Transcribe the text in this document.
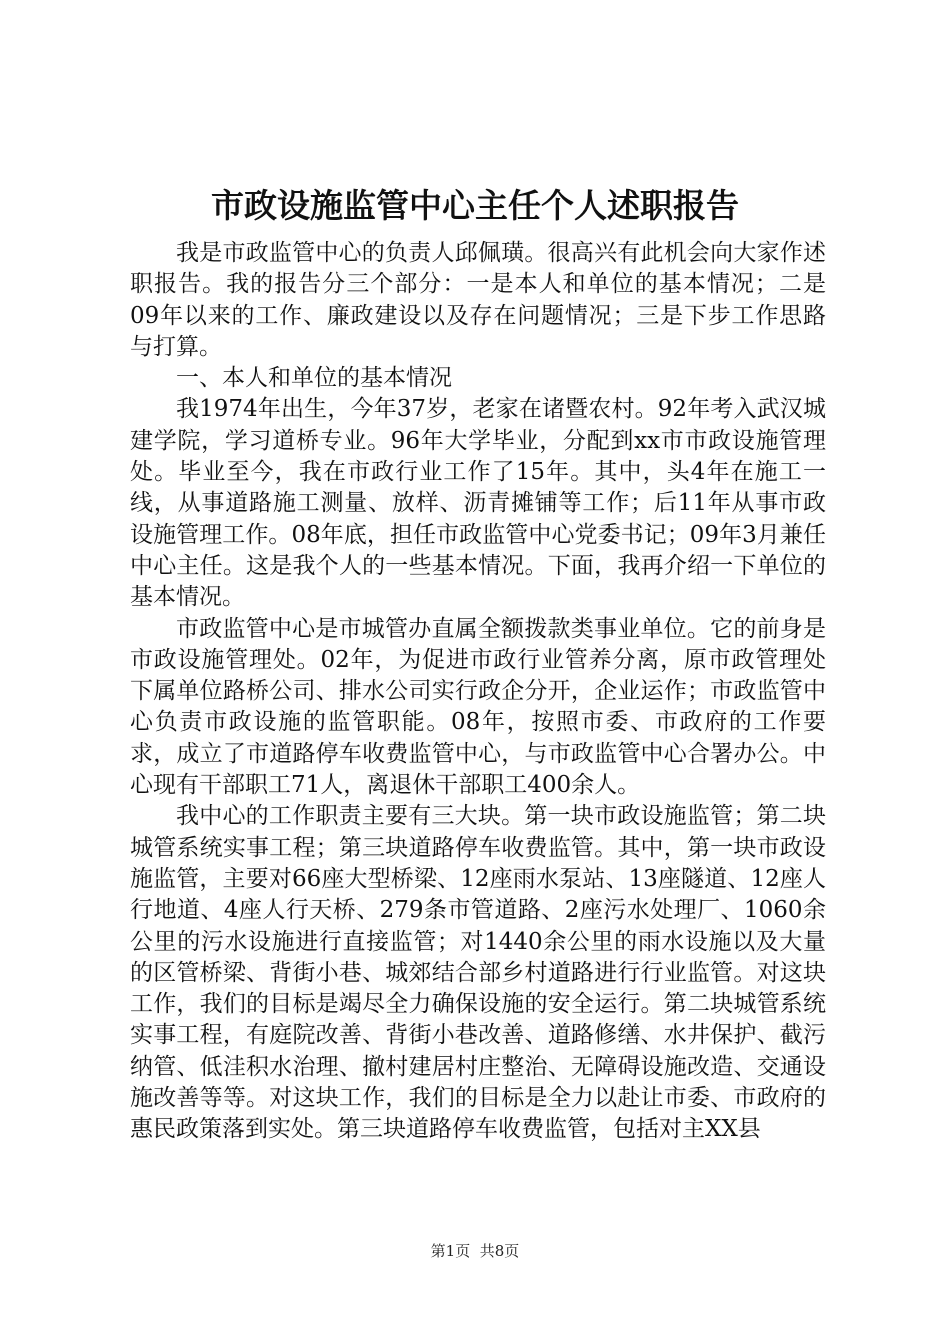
市政设施监管中心主任个人述职报告

我是市政监管中心的负责人邱佩璜。很高兴有此机会向大家作述职报告。我的报告分三个部分：一是本人和单位的基本情况；二是09年以来的工作、廉政建设以及存在问题情况；三是下步工作思路与打算。

一、本人和单位的基本情况

我1974年出生，今年37岁，老家在诸暨农村。92年考入武汉城建学院，学习道桥专业。96年大学毕业，分配到xx市市政设施管理处。毕业至今，我在市政行业工作了15年。其中，头4年在施工一线，从事道路施工测量、放样、沥青摊铺等工作；后11年从事市政设施管理工作。08年底，担任市政监管中心党委书记；09年3月兼任中心主任。这是我个人的一些基本情况。下面，我再介绍一下单位的基本情况。

市政监管中心是市城管办直属全额拨款类事业单位。它的前身是市政设施管理处。02年，为促进市政行业管养分离，原市政管理处下属单位路桥公司、排水公司实行政企分开，企业运作；市政监管中心负责市政设施的监管职能。08年，按照市委、市政府的工作要求，成立了市道路停车收费监管中心，与市政监管中心合署办公。中心现有干部职工71人，离退休干部职工400余人。

我中心的工作职责主要有三大块。第一块市政设施监管；第二块城管系统实事工程；第三块道路停车收费监管。其中，第一块市政设施监管，主要对66座大型桥梁、12座雨水泵站、13座隧道、12座人行地道、4座人行天桥、279条市管道路、2座污水处理厂、1060余公里的污水设施进行直接监管；对1440余公里的雨水设施以及大量的区管桥梁、背街小巷、城郊结合部乡村道路进行行业监管。对这块工作，我们的目标是竭尽全力确保设施的安全运行。第二块城管系统实事工程，有庭院改善、背街小巷改善、道路修缮、水井保护、截污纳管、低洼积水治理、撤村建居村庄整治、无障碍设施改造、交通设施改善等等。对这块工作，我们的目标是全力以赴让市委、市政府的惠民政策落到实处。第三块道路停车收费监管，包括对主XX县

第1页 共8页
